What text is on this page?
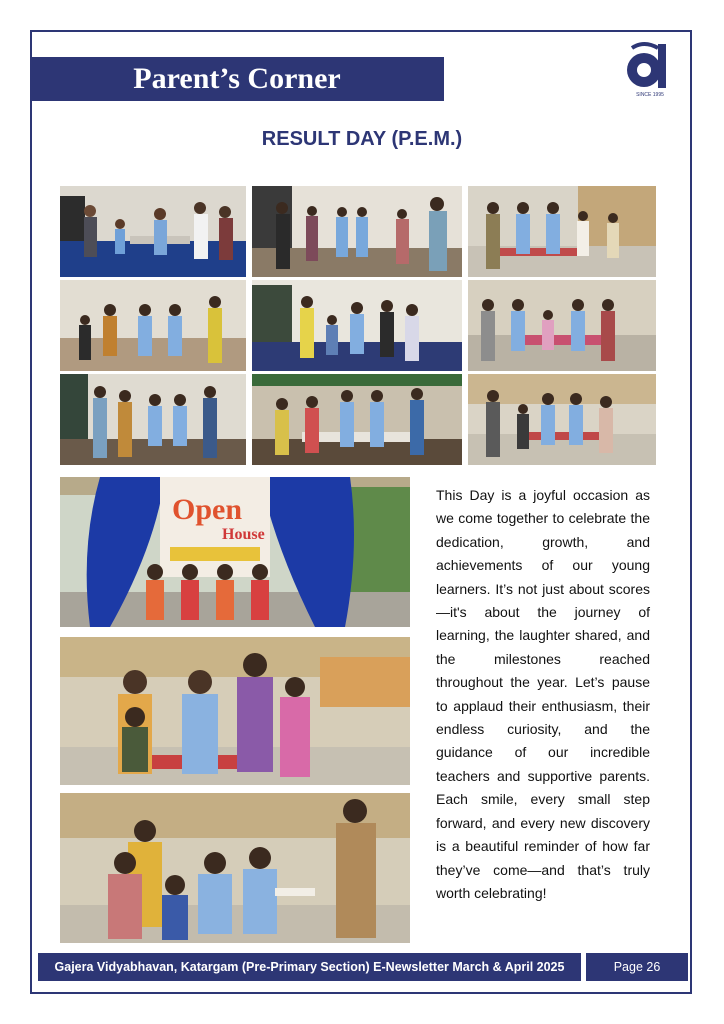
Parent’s Corner	SINCE 1995
RESULT DAY (P.E.M.)
Open
House
This Day is a joyful occasion as we come together to celebrate the dedication, growth, and achievements of our young learners. It’s not just about scores—it's about the journey of learning, the laughter shared, and the milestones reached throughout the year. Let’s pause to applaud their enthusiasm, their endless curiosity, and the guidance of our incredible teachers and supportive parents. Each smile, every small step forward, and every new discovery is a beautiful reminder of how far they’ve come—and that’s truly worth celebrating!
Gajera Vidyabhavan, Katargam (Pre-Primary Section) E-Newsletter March & April 2025	Page 26
